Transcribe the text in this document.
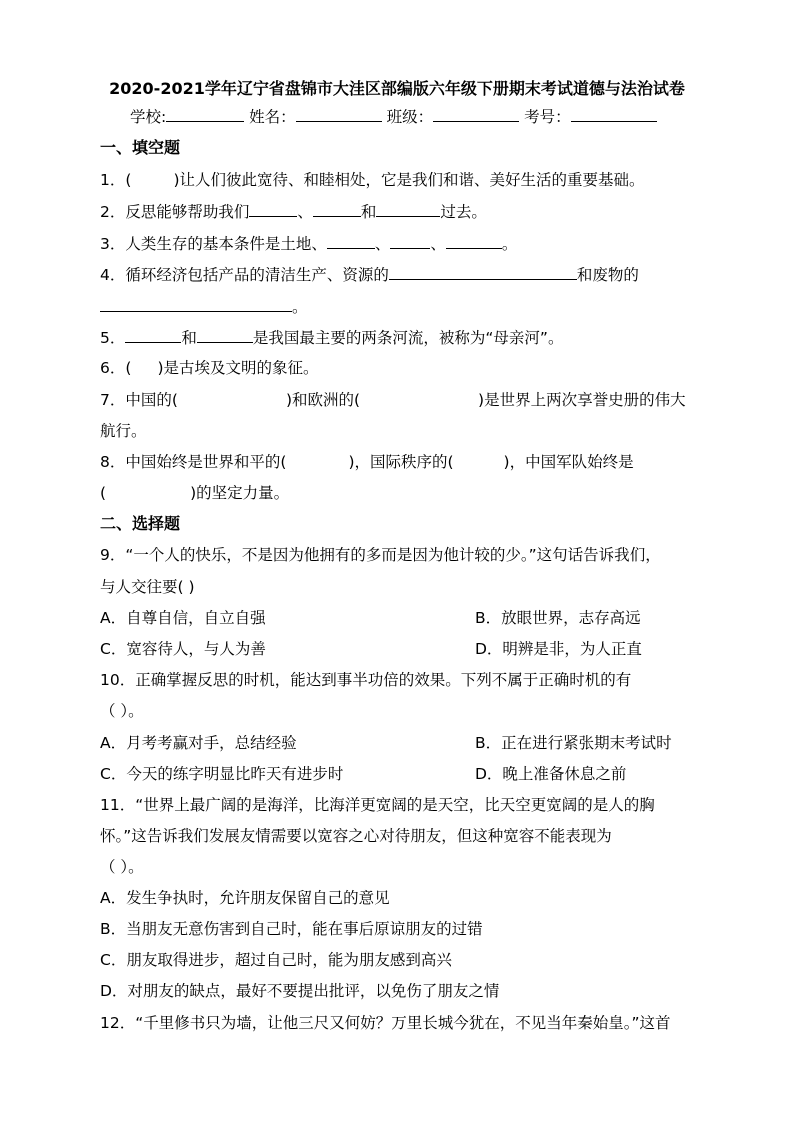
2020-2021学年辽宁省盘锦市大洼区部编版六年级下册期末考试道德与法治试卷
学校:	姓名：	班级：	考号：
一、填空题
1．(	)让人们彼此宽待、和睦相处，它是我们和谐、美好生活的重要基础。
2．反思能够帮助我们	、	和	过去。
3．人类生存的基本条件是土地、	、	、	。
4．循环经济包括产品的清洁生产、资源的	和废物的
。
5．	和	是我国最主要的两条河流，被称为“母亲河”。
6．( )是古埃及文明的象征。
7．中国的(	)和欧洲的(	)是世界上两次享誉史册的伟大
航行。
8．中国始终是世界和平的(	)，国际秩序的(	)，中国军队始终是
(	)的坚定力量。
二、选择题
9．“一个人的快乐，不是因为他拥有的多而是因为他计较的少。”这句话告诉我们，
与人交往要( )
A．自尊自信，自立自强	B．放眼世界，志存高远
C．宽容待人，与人为善	D．明辨是非，为人正直
10．正确掌握反思的时机，能达到事半功倍的效果。下列不属于正确时机的有
（ ）。
A．月考考赢对手，总结经验	B．正在进行紧张期末考试时
C．今天的练字明显比昨天有进步时	D．晚上准备休息之前
11．“世界上最广阔的是海洋，比海洋更宽阔的是天空，比天空更宽阔的是人的胸
怀。”这告诉我们发展友情需要以宽容之心对待朋友，但这种宽容不能表现为
（ ）。
A．发生争执时，允许朋友保留自己的意见
B．当朋友无意伤害到自己时，能在事后原谅朋友的过错
C．朋友取得进步，超过自己时，能为朋友感到高兴
D．对朋友的缺点，最好不要提出批评，以免伤了朋友之情
12．“千里修书只为墙，让他三尺又何妨？万里长城今犹在，不见当年秦始皇。”这首
